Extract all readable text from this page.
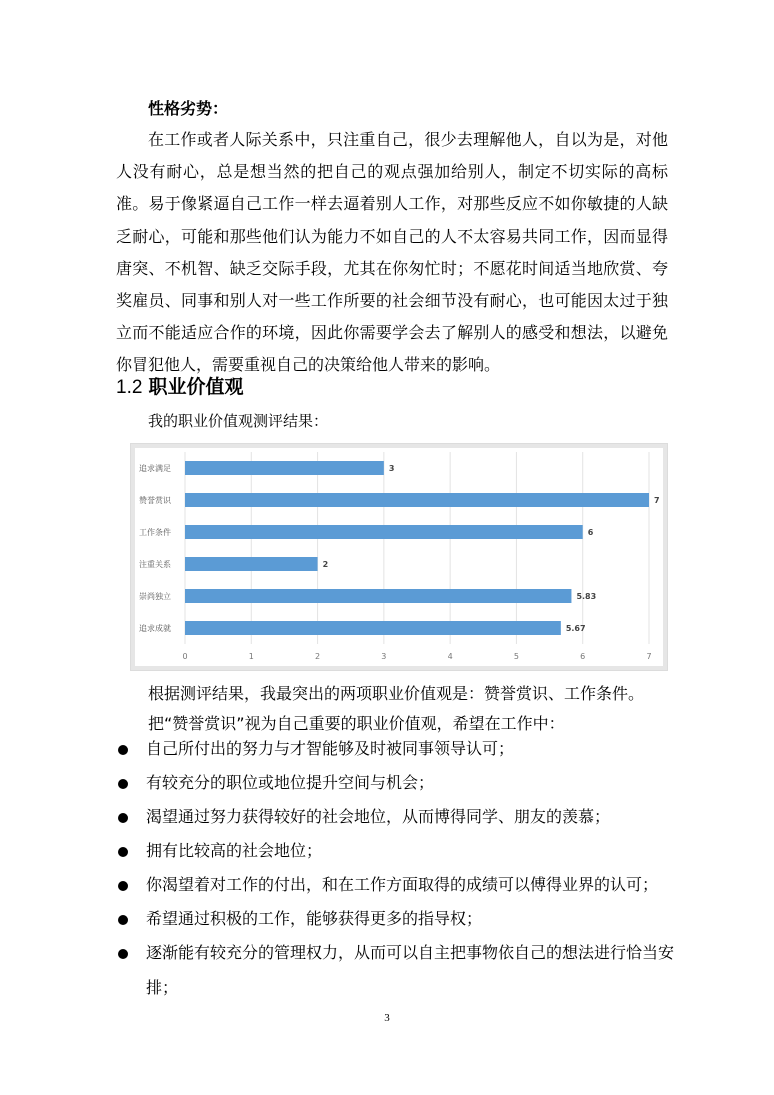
性格劣势：

在工作或者人际关系中，只注重自己，很少去理解他人，自以为是，对他人没有耐心，总是想当然的把自己的观点强加给别人，制定不切实际的高标准。易于像紧逼自己工作一样去逼着别人工作，对那些反应不如你敏捷的人缺乏耐心，可能和那些他们认为能力不如自己的人不太容易共同工作，因而显得唐突、不机智、缺乏交际手段，尤其在你匆忙时；不愿花时间适当地欣赏、夸奖雇员、同事和别人对一些工作所要的社会细节没有耐心，也可能因太过于独立而不能适应合作的环境，因此你需要学会去了解别人的感受和想法，以避免你冒犯他人，需要重视自己的决策给他人带来的影响。

1.2 职业价值观
我的职业价值观测评结果：
0	1	2	3	4	5	6	7
追求满足	3
赞誉赏识	7
工作条件	6
注重关系	2
崇尚独立	5.83
追求成就	5.67
根据测评结果，我最突出的两项职业价值观是：赞誉赏识、工作条件。
把“赞誉赏识”视为自己重要的职业价值观，希望在工作中：
自己所付出的努力与才智能够及时被同事领导认可；
有较充分的职位或地位提升空间与机会；
渴望通过努力获得较好的社会地位，从而博得同学、朋友的羡慕；
拥有比较高的社会地位；
你渴望着对工作的付出，和在工作方面取得的成绩可以傅得业界的认可；
希望通过积极的工作，能够获得更多的指导权；
逐渐能有较充分的管理权力，从而可以自主把事物依自己的想法进行恰当安
排；
3
